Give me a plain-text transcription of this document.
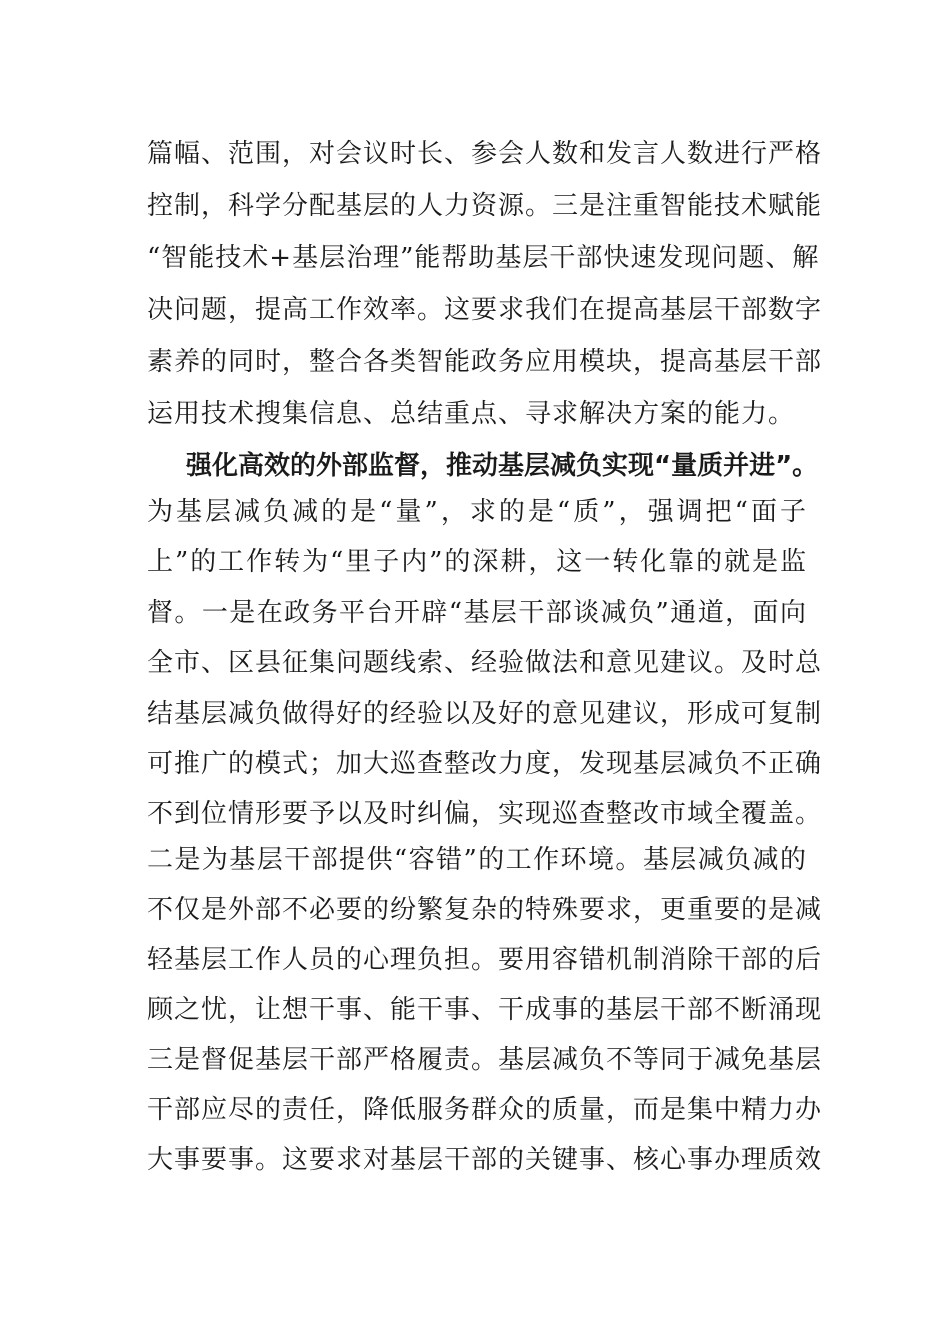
篇幅、范围，对会议时长、参会人数和发言人数进行严格
控制，科学分配基层的人力资源。三是注重智能技术赋能
“智能技术+基层治理”能帮助基层干部快速发现问题、解
决问题，提高工作效率。这要求我们在提高基层干部数字
素养的同时，整合各类智能政务应用模块，提高基层干部
运用技术搜集信息、总结重点、寻求解决方案的能力。
强化高效的外部监督，推动基层减负实现“量质并进”。
为基层减负减的是“量”，求的是“质”，强调把“面子
上”的工作转为“里子内”的深耕，这一转化靠的就是监
督。一是在政务平台开辟“基层干部谈减负”通道，面向
全市、区县征集问题线索、经验做法和意见建议。及时总
结基层减负做得好的经验以及好的意见建议，形成可复制
可推广的模式；加大巡查整改力度，发现基层减负不正确
不到位情形要予以及时纠偏，实现巡查整改市域全覆盖。
二是为基层干部提供“容错”的工作环境。基层减负减的
不仅是外部不必要的纷繁复杂的特殊要求，更重要的是减
轻基层工作人员的心理负担。要用容错机制消除干部的后
顾之忧，让想干事、能干事、干成事的基层干部不断涌现
三是督促基层干部严格履责。基层减负不等同于减免基层
干部应尽的责任，降低服务群众的质量，而是集中精力办
大事要事。这要求对基层干部的关键事、核心事办理质效
